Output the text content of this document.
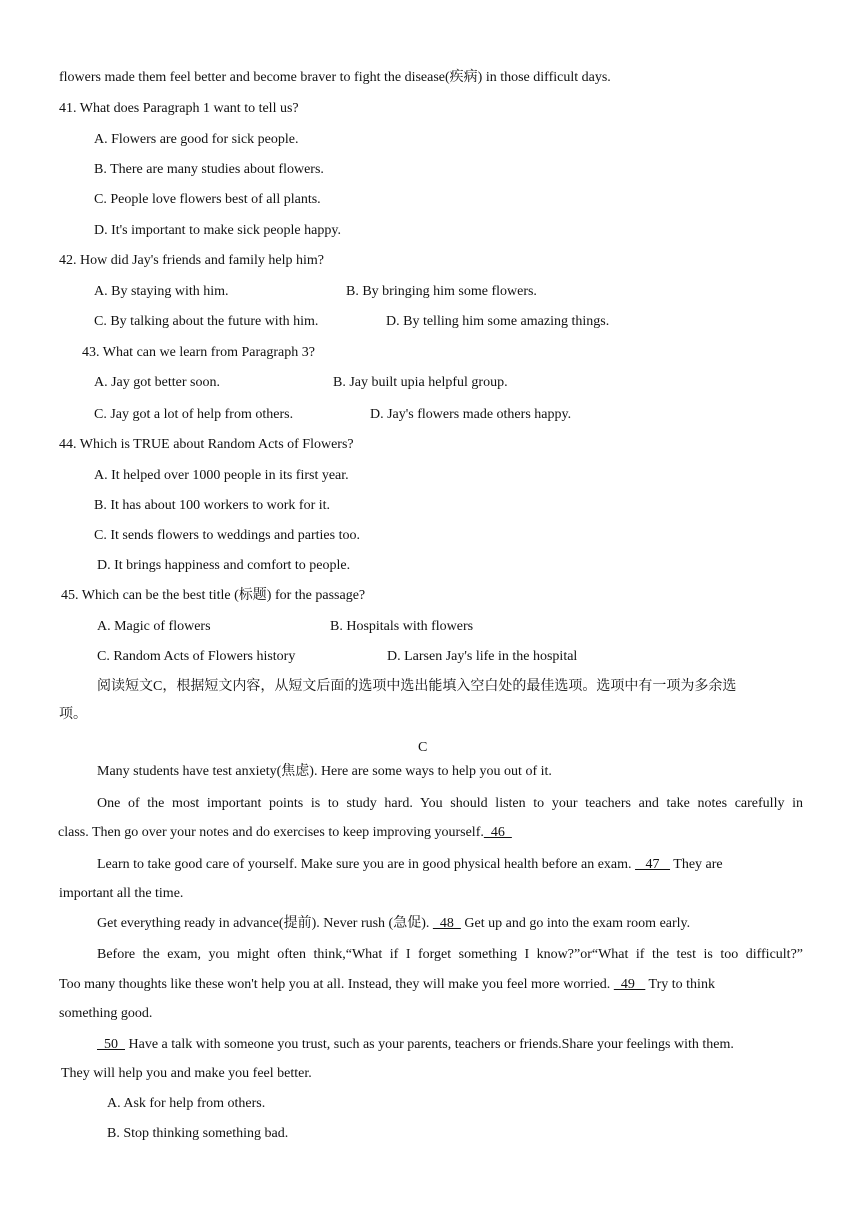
flowers made them feel better and become braver to fight the disease(疾病) in those difficult days.
41. What does Paragraph 1 want to tell us?
A. Flowers are good for sick people.
B. There are many studies about flowers.
C. People love flowers best of all plants.
D. It's important to make sick people happy.
42. How did Jay's friends and family help him?
A. By staying with him.	B. By bringing him some flowers.
C. By talking about the future with him.	D. By telling him some amazing things.
43. What can we learn from Paragraph 3?
A. Jay got better soon.	B. Jay built upia helpful group.
C. Jay got a lot of help from others.	D. Jay's flowers made others happy.
44. Which is TRUE about Random Acts of Flowers?
A. It helped over 1000 people in its first year.
B. It has about 100 workers to work for it.
C. It sends flowers to weddings and parties too.
D. It brings happiness and comfort to people.
45. Which can be the best title (标题) for the passage?
A. Magic of flowers	B. Hospitals with flowers
C. Random Acts of Flowers history	D. Larsen Jay's life in the hospital
阅读短文C，根据短文内容，从短文后面的选项中选出能填入空白处的最佳选项。选项中有一项为多余选
项。
C
Many students have test anxiety(焦虑). Here are some ways to help you out of it.
One of the most important points is to study hard. You should listen to your teachers and take notes carefully in
class. Then go over your notes and do exercises to keep improving yourself.  46
Learn to take good care of yourself. Make sure you are in good physical health before an exam.    47    They are
important all the time.
Get everything ready in advance(提前). Never rush (急促).   48   Get up and go into the exam room early.
Before the exam, you might often think,“What if I forget something I know?”or“What if the test is too difficult?”
Too many thoughts like these won't help you at all. Instead, they will make you feel more worried.   49    Try to think
something good.
50   Have a talk with someone you trust, such as your parents, teachers or friends.Share your feelings with them.
They will help you and make you feel better.
A. Ask for help from others.
B. Stop thinking something bad.
